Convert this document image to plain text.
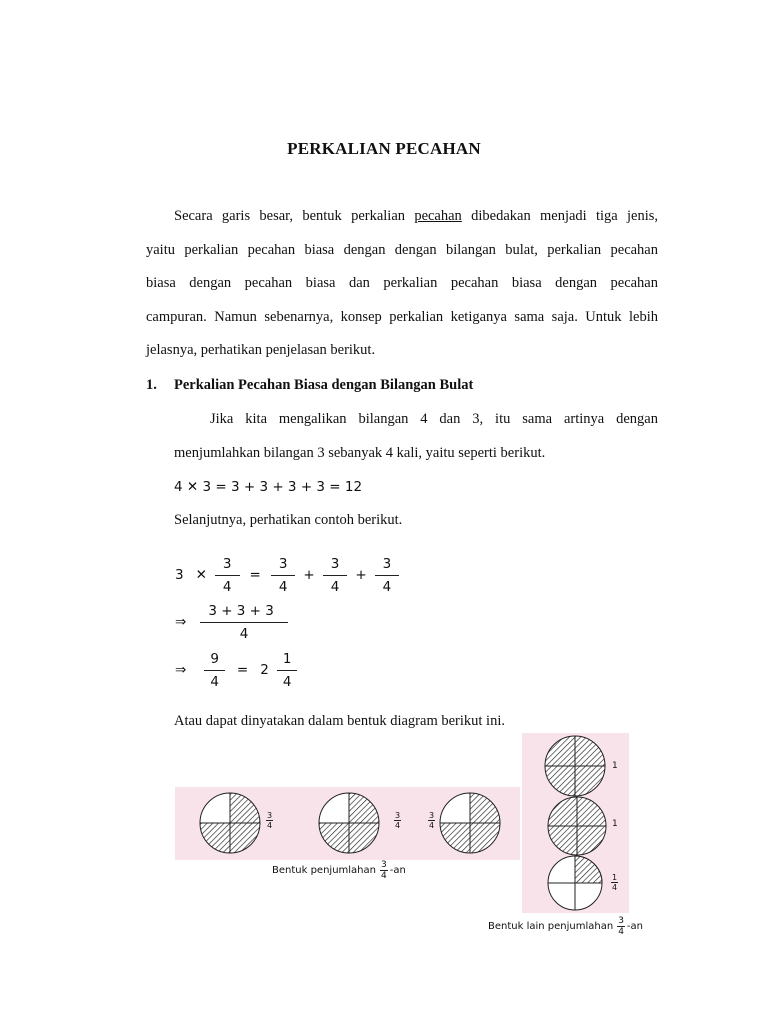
PERKALIAN PECAHAN
Secara garis besar, bentuk perkalian pecahan dibedakan menjadi tiga jenis,
yaitu perkalian pecahan biasa dengan dengan bilangan bulat, perkalian pecahan
biasa dengan pecahan biasa dan perkalian pecahan biasa dengan pecahan
campuran. Namun sebenarnya, konsep perkalian ketiganya sama saja. Untuk lebih
jelasnya, perhatikan penjelasan berikut.
1. Perkalian Pecahan Biasa dengan Bilangan Bulat
Jika kita mengalikan bilangan 4 dan 3, itu sama artinya dengan
menjumlahkan bilangan 3 sebanyak 4 kali, yaitu seperti berikut.
4 ✕ 3 = 3 + 3 + 3 + 3 = 12
Selanjutnya, perhatikan contoh berikut.
3 ✕ $\frac{3}{4} = \frac{3}{4} + \frac{3}{4} + \frac{3}{4}$
⇒ $\frac{3 + 3 + 3}{4}$
⇒ $\frac{9}{4} = 2 \frac{1}{4}$
Atau dapat dinyatakan dalam bentuk diagram berikut ini.
3
4
3
4
3
4
Bentuk penjumlahan $\frac{3}{4} -an$
1
1
1
4
Bentuk lain penjumlahan $\frac{3}{4} -an$
